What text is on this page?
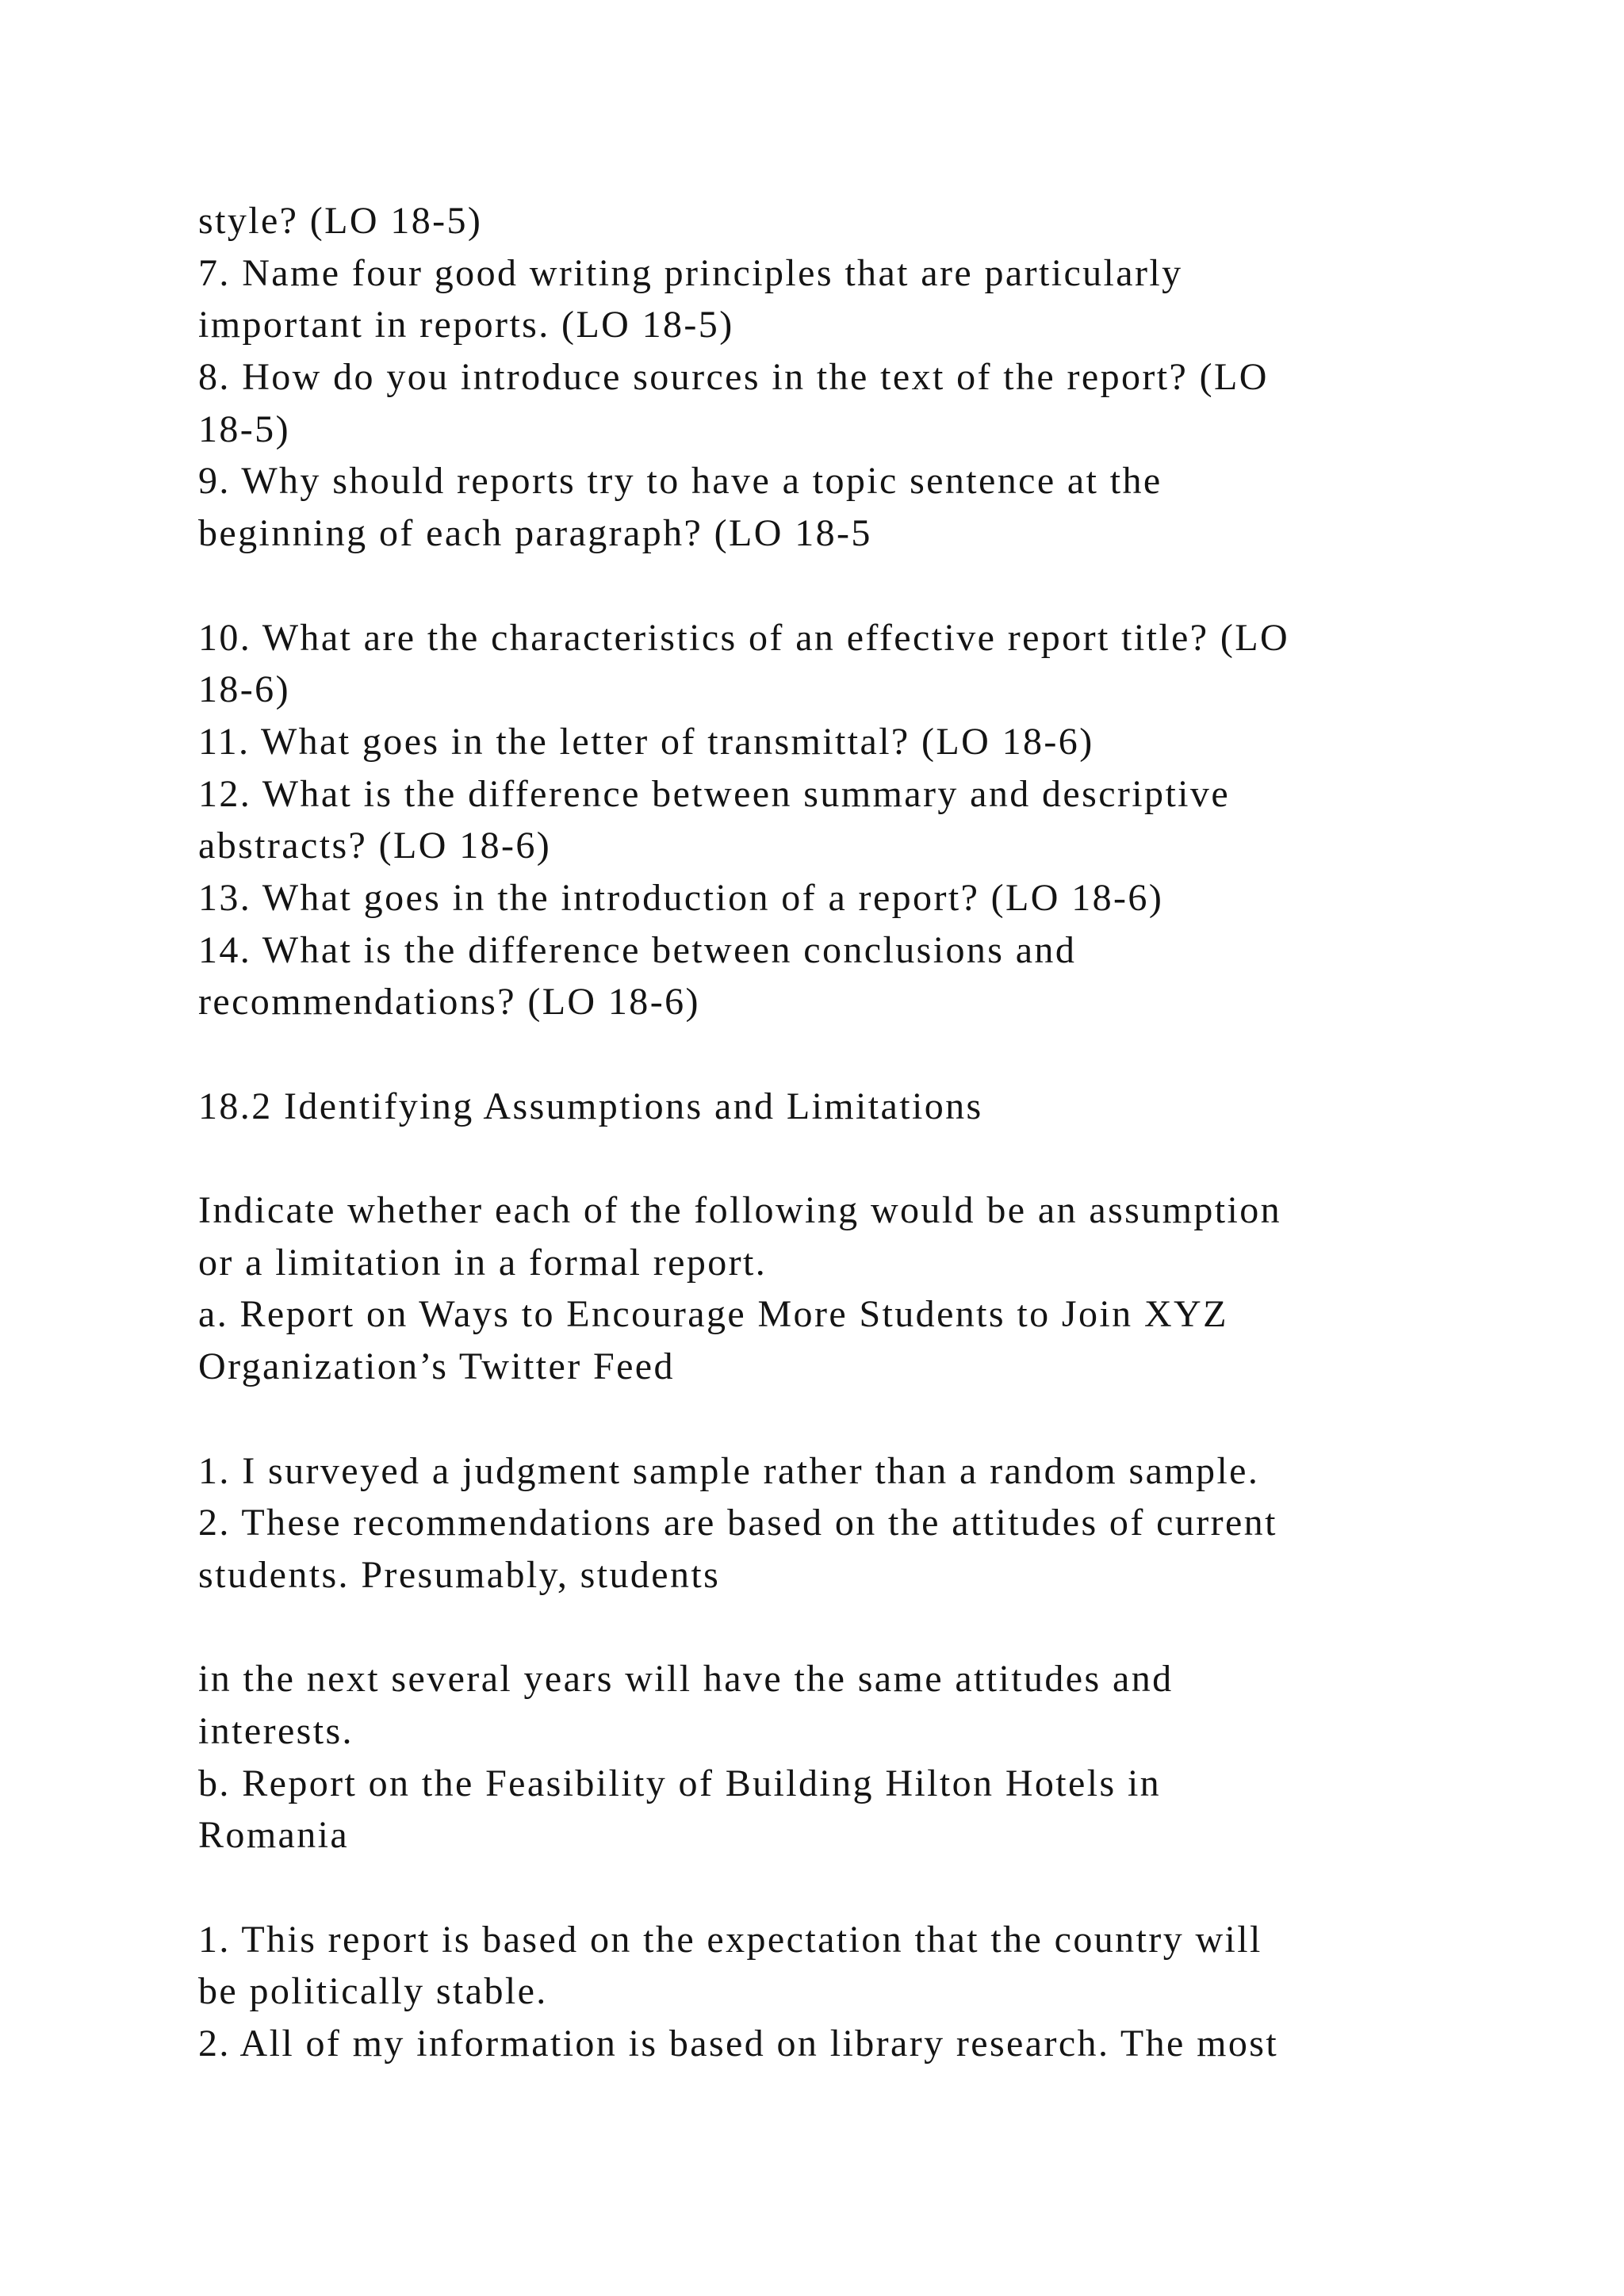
style? (LO 18-5)
7. Name four good writing principles that are particularly
important in reports. (LO 18-5)
8. How do you introduce sources in the text of the report? (LO
18-5)
9. Why should reports try to have a topic sentence at the
beginning of each paragraph? (LO 18-5
10. What are the characteristics of an effective report title? (LO
18-6)
11. What goes in the letter of transmittal? (LO 18-6)
12. What is the difference between summary and descriptive
abstracts? (LO 18-6)
13. What goes in the introduction of a report? (LO 18-6)
14. What is the difference between conclusions and
recommendations? (LO 18-6)
18.2 Identifying Assumptions and Limitations
Indicate whether each of the following would be an assumption
or a limitation in a formal report.
a. Report on Ways to Encourage More Students to Join XYZ
Organization’s Twitter Feed
1. I surveyed a judgment sample rather than a random sample.
2. These recommendations are based on the attitudes of current
students. Presumably, students
in the next several years will have the same attitudes and
interests.
b. Report on the Feasibility of Building Hilton Hotels in
Romania
1. This report is based on the expectation that the country will
be politically stable.
2. All of my information is based on library research. The most
